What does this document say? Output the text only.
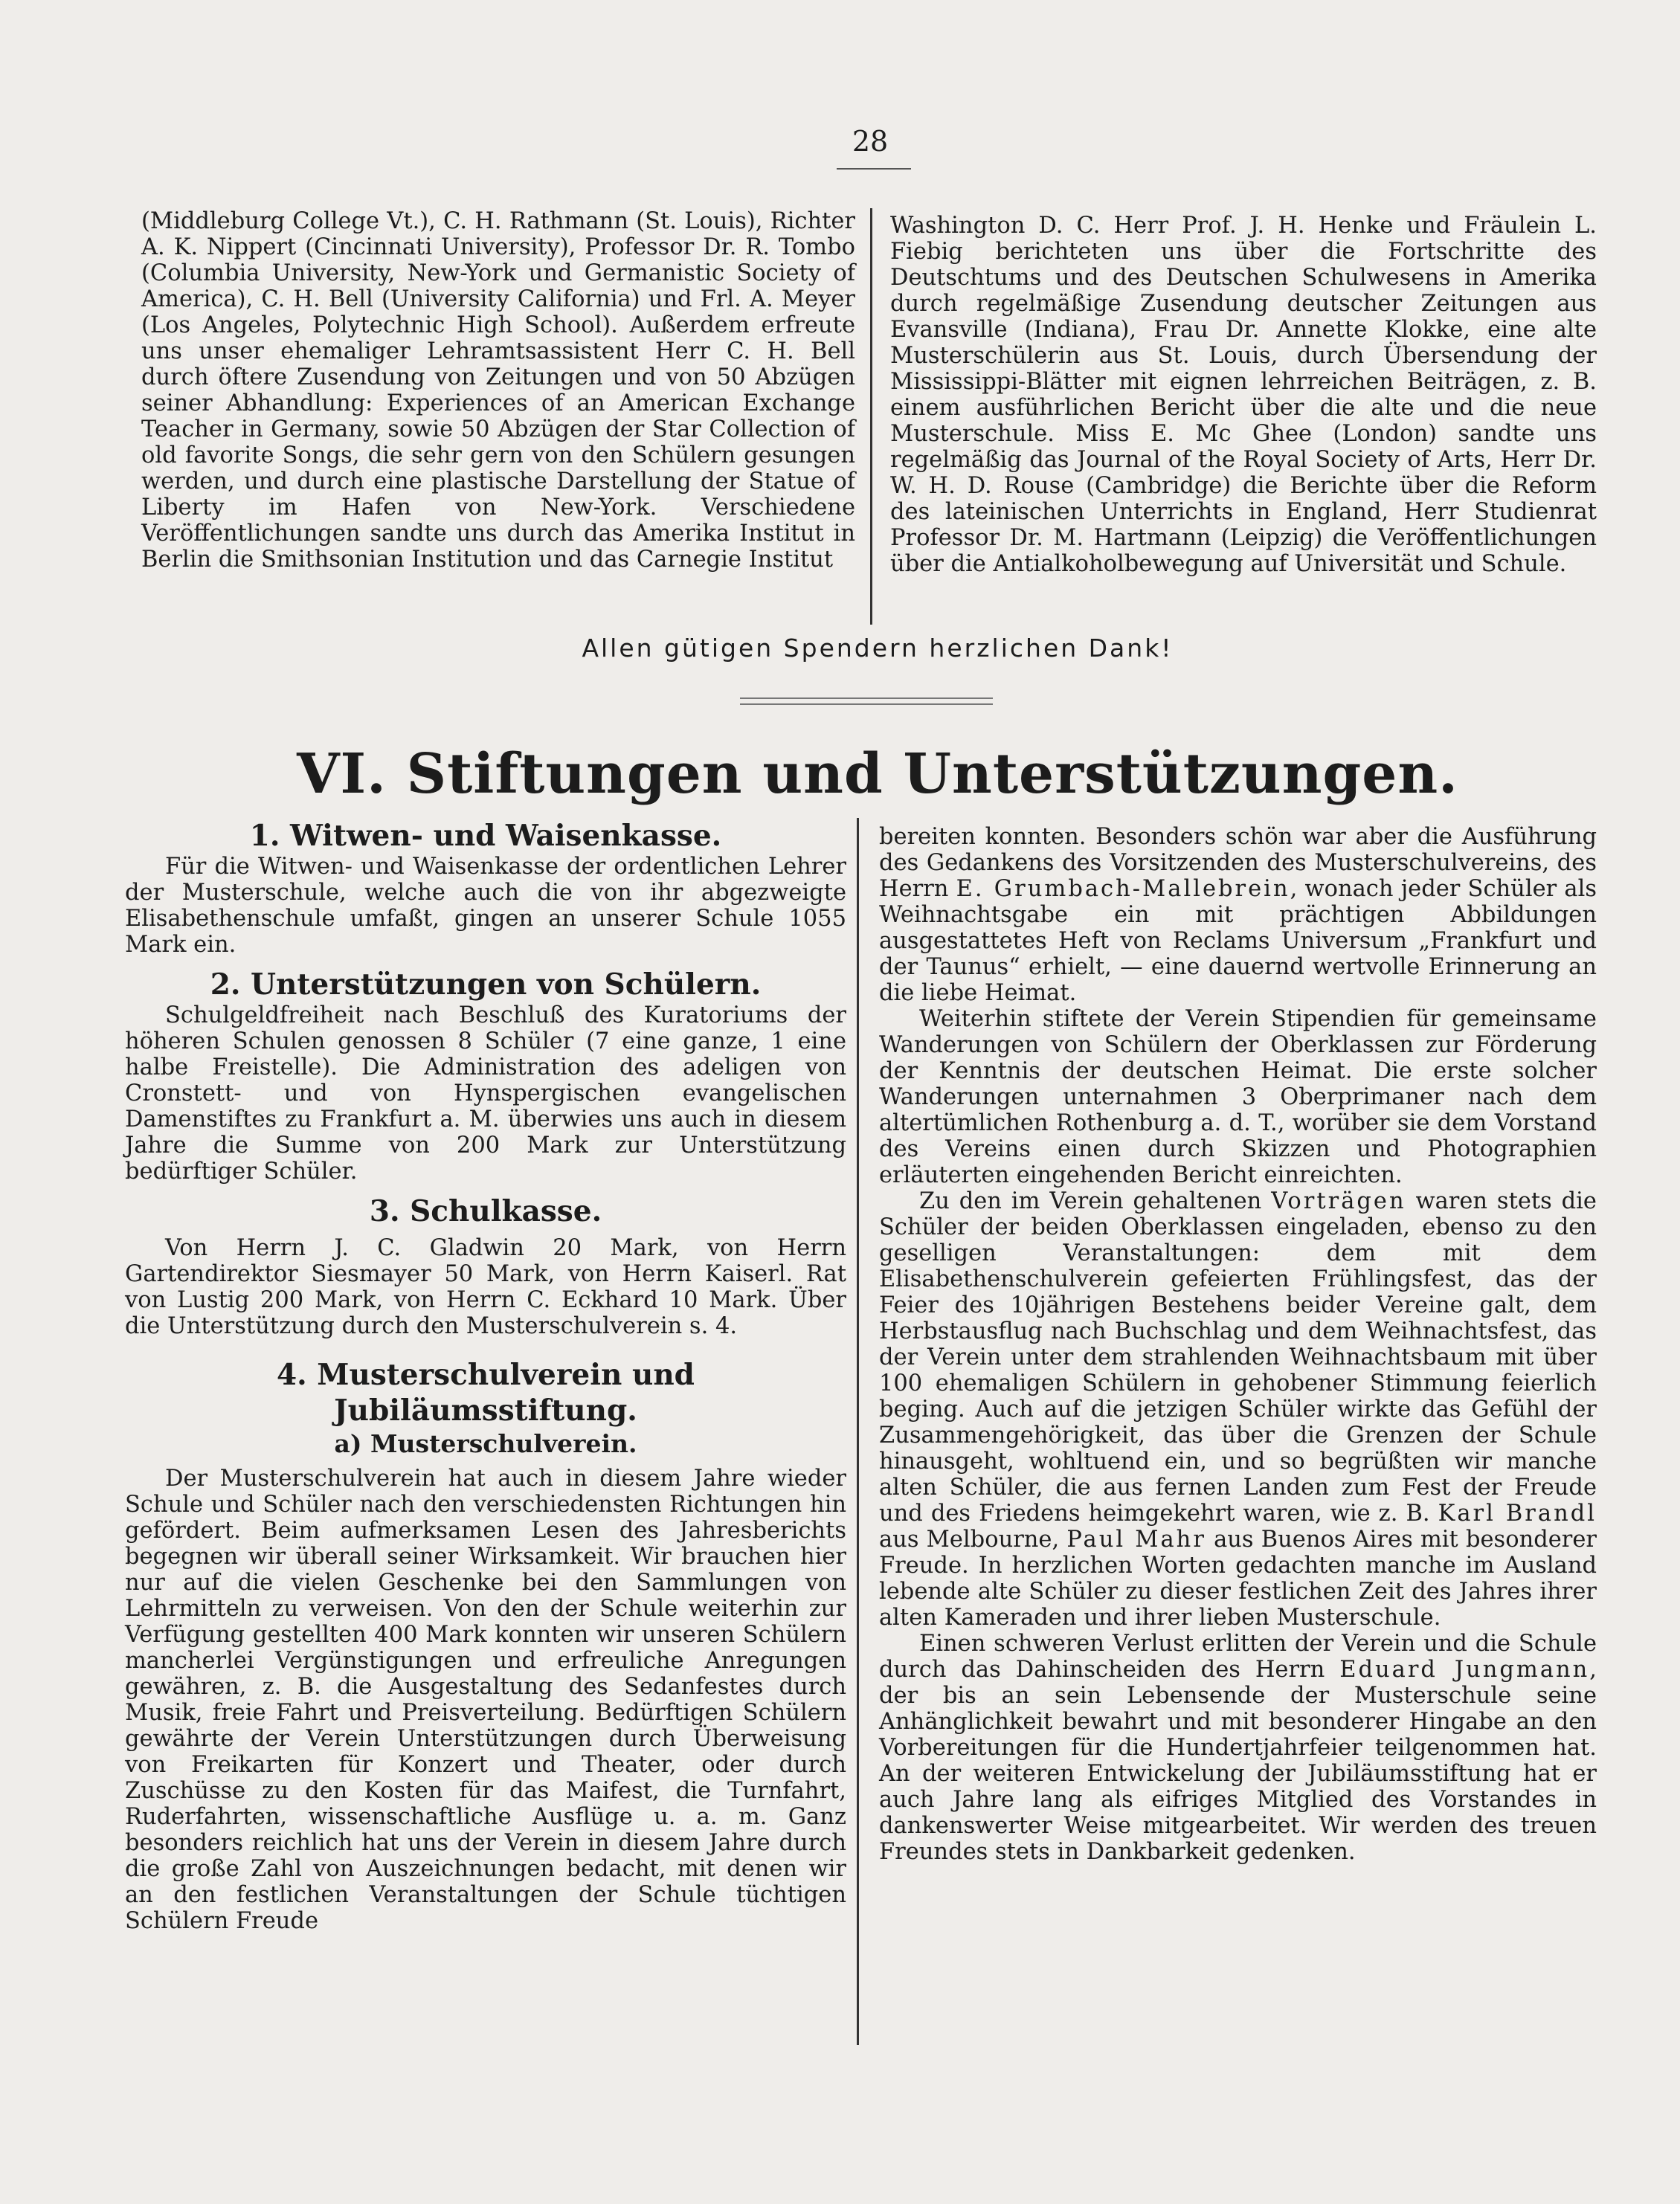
28

(Middleburg College Vt.), C. H. Rathmann (St. Louis), Richter A. K. Nippert (Cincinnati University), Professor Dr. R. Tombo (Columbia University, New-York und Germanistic Society of America), C. H. Bell (University California) und Frl. A. Meyer (Los Angeles, Polytechnic High School). Außerdem erfreute uns unser ehemaliger Lehramtsassistent Herr C. H. Bell durch öftere Zusendung von Zeitungen und von 50 Abzügen seiner Abhandlung: Experiences of an American Exchange Teacher in Germany, sowie 50 Abzügen der Star Collection of old favorite Songs, die sehr gern von den Schülern gesungen werden, und durch eine plastische Darstellung der Statue of Liberty im Hafen von New-York. Verschiedene Veröffentlichungen sandte uns durch das Amerika Institut in Berlin die Smithsonian Institution und das Carnegie Institut

Washington D. C. Herr Prof. J. H. Henke und Fräulein L. Fiebig berichteten uns über die Fortschritte des Deutschtums und des Deutschen Schulwesens in Amerika durch regelmäßige Zusendung deutscher Zeitungen aus Evansville (Indiana), Frau Dr. Annette Klokke, eine alte Musterschülerin aus St. Louis, durch Übersendung der Mississippi-Blätter mit eignen lehrreichen Beiträgen, z. B. einem ausführlichen Bericht über die alte und die neue Musterschule. Miss E. Mc Ghee (London) sandte uns regelmäßig das Journal of the Royal Society of Arts, Herr Dr. W. H. D. Rouse (Cambridge) die Berichte über die Reform des lateinischen Unterrichts in England, Herr Studienrat Professor Dr. M. Hartmann (Leipzig) die Veröffentlichungen über die Antialkoholbewegung auf Universität und Schule.

Allen gütigen Spendern herzlichen Dank!
VI. Stiftungen und Unterstützungen.
1. Witwen- und Waisenkasse.

Für die Witwen- und Waisenkasse der ordentlichen Lehrer der Musterschule, welche auch die von ihr abgezweigte Elisabethenschule umfaßt, gingen an unserer Schule 1055 Mark ein.

2. Unterstützungen von Schülern.

Schulgeldfreiheit nach Beschluß des Kuratoriums der höheren Schulen genossen 8 Schüler (7 eine ganze, 1 eine halbe Freistelle). Die Administration des adeligen von Cronstett- und von Hynspergischen evangelischen Damenstiftes zu Frankfurt a. M. überwies uns auch in diesem Jahre die Summe von 200 Mark zur Unterstützung bedürftiger Schüler.

3. Schulkasse.

Von Herrn J. C. Gladwin 20 Mark, von Herrn Gartendirektor Siesmayer 50 Mark, von Herrn Kaiserl. Rat von Lustig 200 Mark, von Herrn C. Eckhard 10 Mark. Über die Unterstützung durch den Musterschulverein s. 4.

4. Musterschulverein und Jubiläumsstiftung.
a) Musterschulverein.

Der Musterschulverein hat auch in diesem Jahre wieder Schule und Schüler nach den verschiedensten Richtungen hin gefördert. Beim aufmerksamen Lesen des Jahresberichts begegnen wir überall seiner Wirksamkeit. Wir brauchen hier nur auf die vielen Geschenke bei den Sammlungen von Lehrmitteln zu verweisen. Von den der Schule weiterhin zur Verfügung gestellten 400 Mark konnten wir unseren Schülern mancherlei Vergünstigungen und erfreuliche Anregungen gewähren, z. B. die Ausgestaltung des Sedanfestes durch Musik, freie Fahrt und Preisverteilung. Bedürftigen Schülern gewährte der Verein Unterstützungen durch Überweisung von Freikarten für Konzert und Theater, oder durch Zuschüsse zu den Kosten für das Maifest, die Turnfahrt, Ruderfahrten, wissenschaftliche Ausflüge u. a. m. Ganz besonders reichlich hat uns der Verein in diesem Jahre durch die große Zahl von Auszeichnungen bedacht, mit denen wir an den festlichen Veranstaltungen der Schule tüchtigen Schülern Freude

bereiten konnten. Besonders schön war aber die Ausführung des Gedankens des Vorsitzenden des Musterschulvereins, des Herrn E. Grumbach-Mallebrein, wonach jeder Schüler als Weihnachtsgabe ein mit prächtigen Abbildungen ausgestattetes Heft von Reclams Universum „Frankfurt und der Taunus“ erhielt, — eine dauernd wertvolle Erinnerung an die liebe Heimat.

Weiterhin stiftete der Verein Stipendien für gemeinsame Wanderungen von Schülern der Oberklassen zur Förderung der Kenntnis der deutschen Heimat. Die erste solcher Wanderungen unternahmen 3 Oberprimaner nach dem altertümlichen Rothenburg a. d. T., worüber sie dem Vorstand des Vereins einen durch Skizzen und Photographien erläuterten eingehenden Bericht einreichten.

Zu den im Verein gehaltenen Vorträgen waren stets die Schüler der beiden Oberklassen eingeladen, ebenso zu den geselligen Veranstaltungen: dem mit dem Elisabethenschulverein gefeierten Frühlingsfest, das der Feier des 10jährigen Bestehens beider Vereine galt, dem Herbstausflug nach Buchschlag und dem Weihnachtsfest, das der Verein unter dem strahlenden Weihnachtsbaum mit über 100 ehemaligen Schülern in gehobener Stimmung feierlich beging. Auch auf die jetzigen Schüler wirkte das Gefühl der Zusammengehörigkeit, das über die Grenzen der Schule hinausgeht, wohltuend ein, und so begrüßten wir manche alten Schüler, die aus fernen Landen zum Fest der Freude und des Friedens heimgekehrt waren, wie z. B. Karl Brandl aus Melbourne, Paul Mahr aus Buenos Aires mit besonderer Freude. In herzlichen Worten gedachten manche im Ausland lebende alte Schüler zu dieser festlichen Zeit des Jahres ihrer alten Kameraden und ihrer lieben Musterschule.

Einen schweren Verlust erlitten der Verein und die Schule durch das Dahinscheiden des Herrn Eduard Jungmann, der bis an sein Lebensende der Musterschule seine Anhänglichkeit bewahrt und mit besonderer Hingabe an den Vorbereitungen für die Hundertjahrfeier teilgenommen hat. An der weiteren Entwickelung der Jubiläumsstiftung hat er auch Jahre lang als eifriges Mitglied des Vorstandes in dankenswerter Weise mitgearbeitet. Wir werden des treuen Freundes stets in Dankbarkeit gedenken.
